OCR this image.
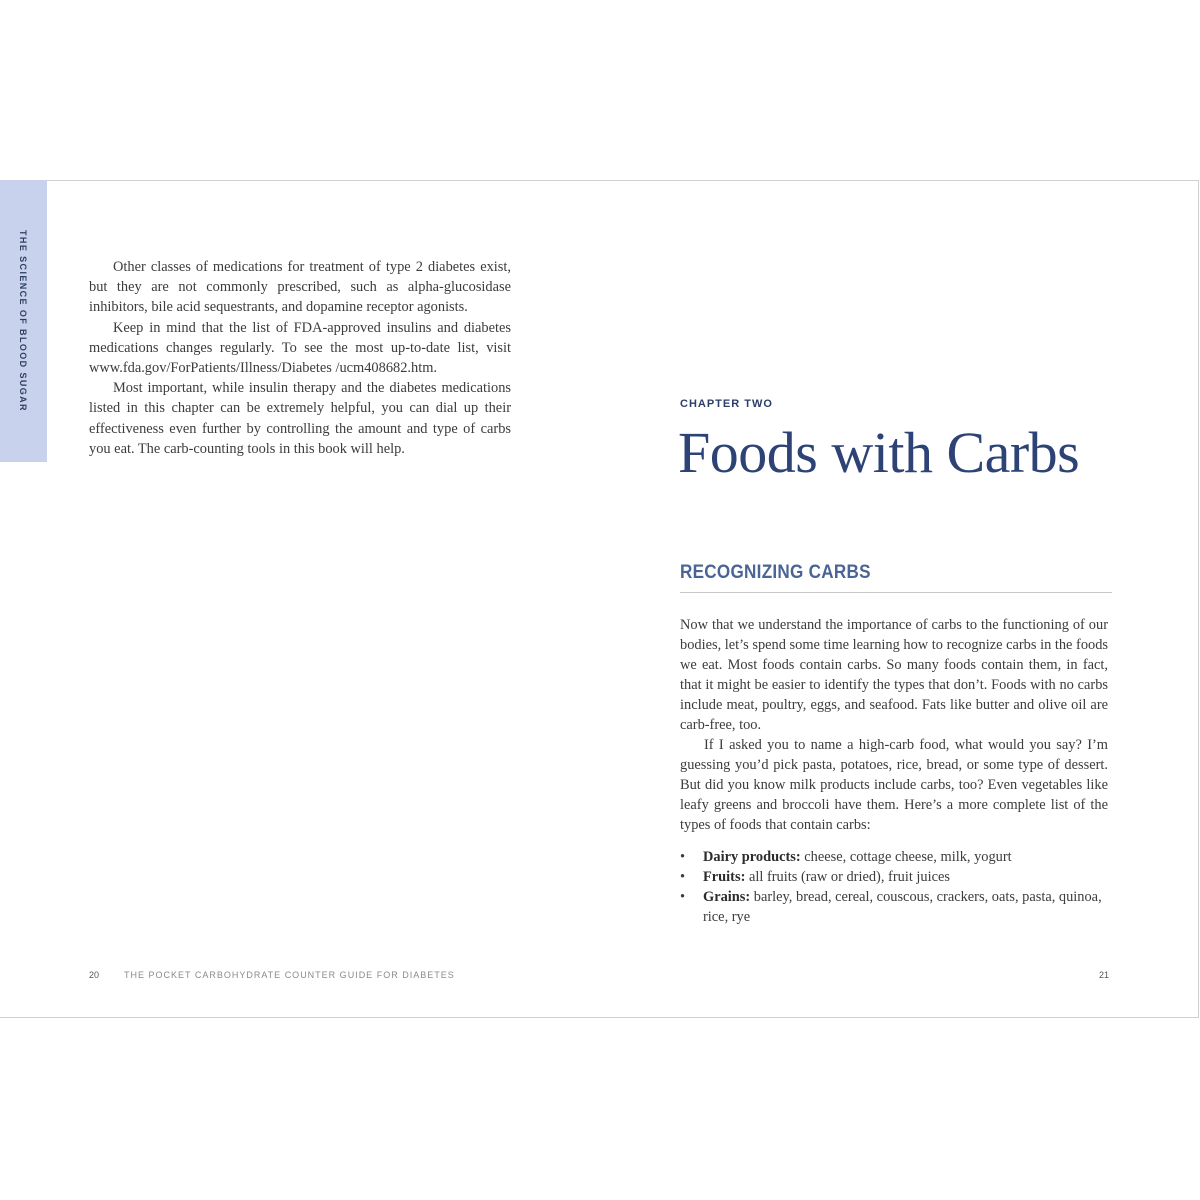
THE SCIENCE OF BLOOD SUGAR	Other classes of medications for treatment of type 2 diabetes exist, but they are not commonly prescribed, such as alpha-glucosidase inhibitors, bile acid sequestrants, and dopamine receptor agonists.

Keep in mind that the list of FDA-approved insulins and diabetes medications changes regularly. To see the most up-to-date list, visit www.fda.gov/ForPatients/Illness/Diabetes /ucm408682.htm.

Most important, while insulin therapy and the diabetes medications listed in this chapter can be extremely helpful, you can dial up their effectiveness even further by controlling the amount and type of carbs you eat. The carb-counting tools in this book will help.

20	THE POCKET CARBOHYDRATE COUNTER GUIDE FOR DIABETES
CHAPTER TWO
Foods with Carbs
RECOGNIZING CARBS

Now that we understand the importance of carbs to the functioning of our bodies, let’s spend some time learning how to recognize carbs in the foods we eat. Most foods contain carbs. So many foods contain them, in fact, that it might be easier to identify the types that don’t. Foods with no carbs include meat, poultry, eggs, and seafood. Fats like butter and olive oil are carb-free, too.

If I asked you to name a high-carb food, what would you say? I’m guessing you’d pick pasta, potatoes, rice, bread, or some type of dessert. But did you know milk products include carbs, too? Even vegetables like leafy greens and broccoli have them. Here’s a more complete list of the types of foods that contain carbs:

• Dairy products: cheese, cottage cheese, milk, yogurt
• Fruits: all fruits (raw or dried), fruit juices
• Grains: barley, bread, cereal, couscous, crackers, oats, pasta, quinoa, rice, rye
21
